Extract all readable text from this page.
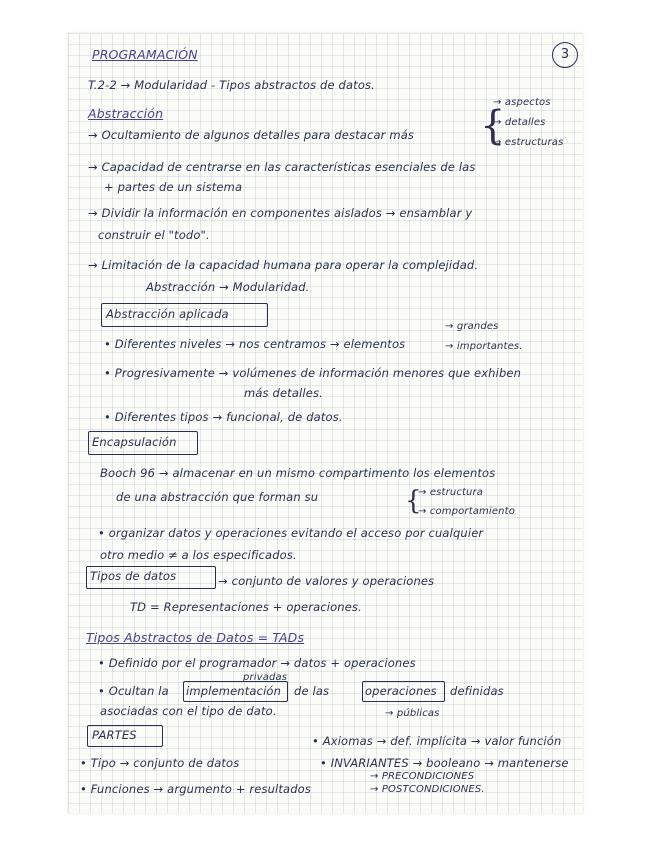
3
PROGRAMACIÓN
T.2-2 → Modularidad - Tipos abstractos de datos.
Abstracción
→ Ocultamiento de algunos detalles para destacar más {
→ aspectos
→ detalles
→ estructuras
→ Capacidad de centrarse en las características esenciales de las
+ partes de un sistema
→ Dividir la información en componentes aislados → ensamblar y
construir el "todo".
→ Limitación de la capacidad humana para operar la complejidad.
Abstracción → Modularidad.
Abstracción aplicada
• Diferentes niveles → nos centramos → elementos
→ grandes
→ importantes.
• Progresivamente → volúmenes de información menores que exhiben
más detalles.
• Diferentes tipos → funcional, de datos.
Encapsulación
Booch 96 → almacenar en un mismo compartimento los elementos
de una abstracción que forman su	{
→ estructura
→ comportamiento
• organizar datos y operaciones evitando el acceso por cualquier
otro medio ≠ a los especificados.
Tipos de datos	→ conjunto de valores y operaciones
TD = Representaciones + operaciones.
Tipos Abstractos de Datos = TADs
• Definido por el programador → datos + operaciones
privadas
• Ocultan la implementación de las	operaciones definidas
asociadas con el tipo de dato.	→ públicas
PARTES	• Axiomas → def. implícita → valor función
• Tipo → conjunto de datos	• INVARIANTES → booleano → mantenerse
→ PRECONDICIONES
• Funciones → argumento + resultados	→ POSTCONDICIONES.
